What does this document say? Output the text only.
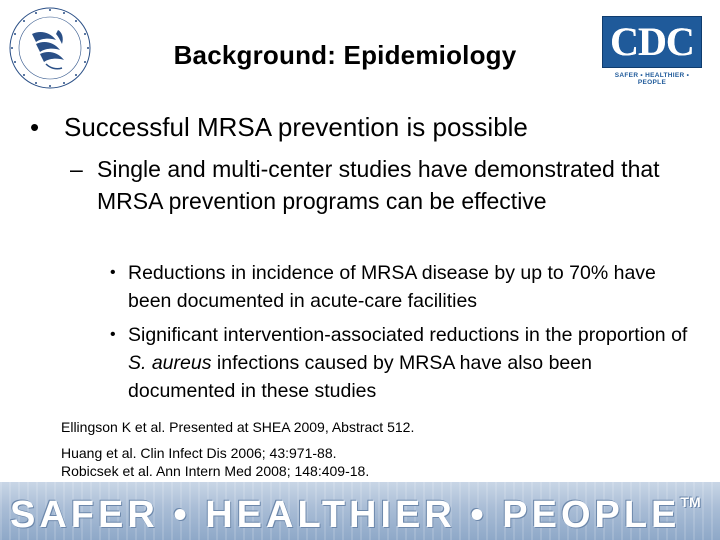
Background: Epidemiology	CDC
SAFER • HEALTHIER • PEOPLE
• Successful MRSA prevention is possible
– Single and multi-center studies have demonstrated that MRSA prevention programs can be effective
• Reductions in incidence of MRSA disease by up to 70% have been documented in acute-care facilities
• Significant intervention-associated reductions in the proportion of S. aureus infections caused by MRSA have also been documented in these studies
Ellingson K et al. Presented at SHEA 2009, Abstract 512.
Huang et al. Clin Infect Dis 2006; 43:971-88.
Robicsek et al. Ann Intern Med 2008; 148:409-18.
SAFER • HEALTHIER • PEOPLE™
